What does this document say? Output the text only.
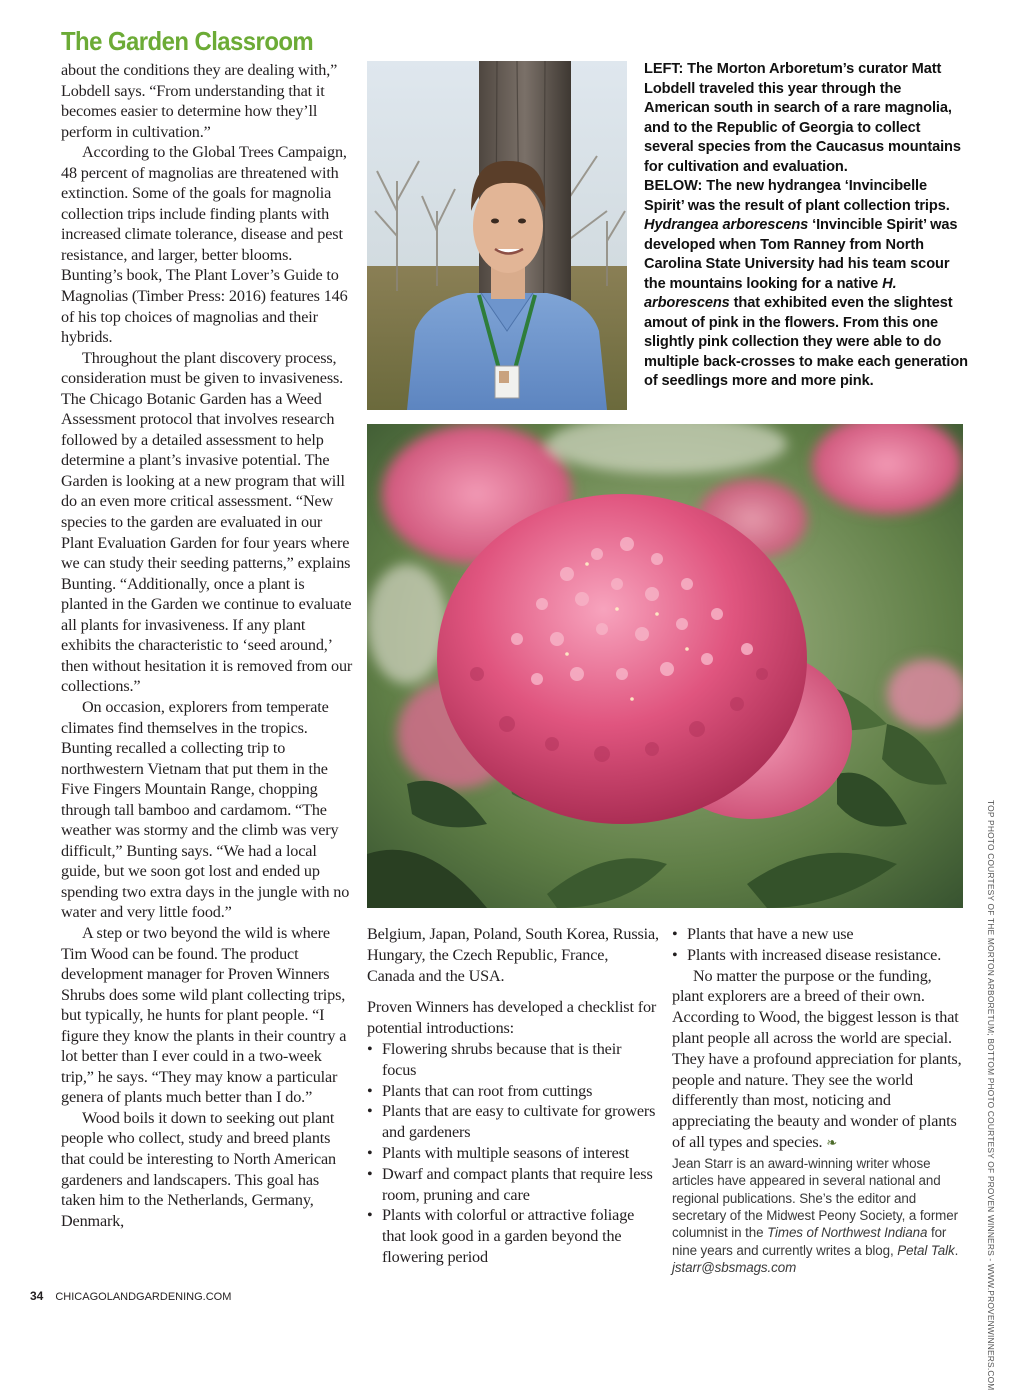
The Garden Classroom

about the conditions they are dealing with,” Lobdell says. “From understanding that it becomes easier to determine how they’ll perform in cultivation.”

According to the Global Trees Campaign, 48 percent of magnolias are threatened with extinction. Some of the goals for magnolia collection trips include finding plants with increased climate tolerance, disease and pest resistance, and larger, better blooms. Bunting’s book, The Plant Lover’s Guide to Magnolias (Timber Press: 2016) features 146 of his top choices of magnolias and their hybrids.

Throughout the plant discovery process, consideration must be given to invasiveness. The Chicago Botanic Garden has a Weed Assessment protocol that involves research followed by a detailed assessment to help determine a plant’s invasive potential. The Garden is looking at a new program that will do an even more critical assessment. “New species to the garden are evaluated in our Plant Evaluation Garden for four years where we can study their seeding patterns,” explains Bunting. “Additionally, once a plant is planted in the Garden we continue to evaluate all plants for invasiveness. If any plant exhibits the characteristic to ‘seed around,’ then without hesitation it is removed from our collections.”

On occasion, explorers from temperate climates find themselves in the tropics. Bunting recalled a collecting trip to northwestern Vietnam that put them in the Five Fingers Mountain Range, chopping through tall bamboo and cardamom. “The weather was stormy and the climb was very difficult,” Bunting says. “We had a local guide, but we soon got lost and ended up spending two extra days in the jungle with no water and very little food.”

A step or two beyond the wild is where Tim Wood can be found. The product development manager for Proven Winners Shrubs does some wild plant collecting trips, but typically, he hunts for plant people. “I figure they know the plants in their country a lot better than I ever could in a two-week trip,” he says. “They may know a particular genera of plants much better than I do.”

Wood boils it down to seeking out plant people who collect, study and breed plants that could be interesting to North American gardeners and landscapers. This goal has taken him to the Netherlands, Germany, Denmark,

LEFT: The Morton Arboretum’s curator Matt Lobdell traveled this year through the American south in search of a rare magnolia, and to the Republic of Georgia to collect several species from the Caucasus mountains for cultivation and evaluation.

BELOW: The new hydrangea ‘Invincibelle Spirit’ was the result of plant collection trips. Hydrangea arborescens ‘Invincible Spirit’ was developed when Tom Ranney from North Carolina State University had his team scour the mountains looking for a native H. arborescens that exhibited even the slightest amout of pink in the flowers. From this one slightly pink collection they were able to do multiple back-crosses to make each generation of seedlings more and more pink.

Belgium, Japan, Poland, South Korea, Russia, Hungary, the Czech Republic, France, Canada and the USA.

Proven Winners has developed a checklist for potential introductions:

• Flowering shrubs because that is their focus
• Plants that can root from cuttings
• Plants that are easy to cultivate for growers and gardeners
• Plants with multiple seasons of interest
• Dwarf and compact plants that require less room, pruning and care
• Plants with colorful or attractive foliage that look good in a garden beyond the flowering period
• Plants that have a new use
• Plants with increased disease resistance.

No matter the purpose or the funding, plant explorers are a breed of their own. According to Wood, the biggest lesson is that plant people all across the world are special. They have a profound appreciation for plants, people and nature. They see the world differently than most, noticing and appreciating the beauty and wonder of plants of all types and species. ❧

Jean Starr is an award-winning writer whose articles have appeared in several national and regional publications. She’s the editor and secretary of the Midwest Peony Society, a former columnist in the Times of Northwest Indiana for nine years and currently writes a blog, Petal Talk. jstarr@sbsmags.com	TOP PHOTO COURTESY OF THE MORTON ARBORETUM; BOTTOM PHOTO COURTESY OF PROVEN WINNERS - WWW.PROVENWINNERS.COM
34 CHICAGOLANDGARDENING.COM
